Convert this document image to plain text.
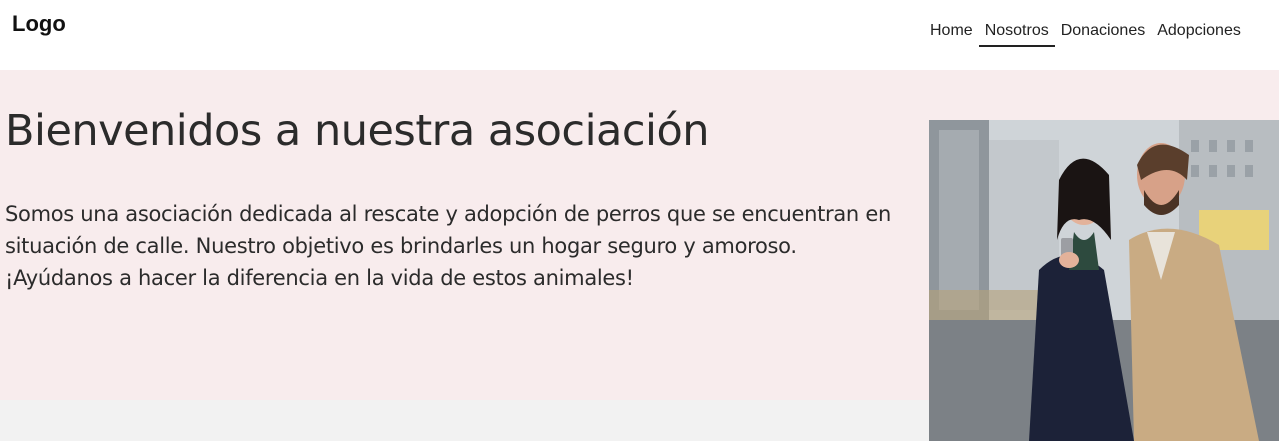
Logo	Home Nosotros Donaciones Adopciones
Bienvenidos a nuestra asociación

Somos una asociación dedicada al rescate y adopción de perros que se encuentran en situación de calle. Nuestro objetivo es brindarles un hogar seguro y amoroso. ¡Ayúdanos a hacer la diferencia en la vida de estos animales!
